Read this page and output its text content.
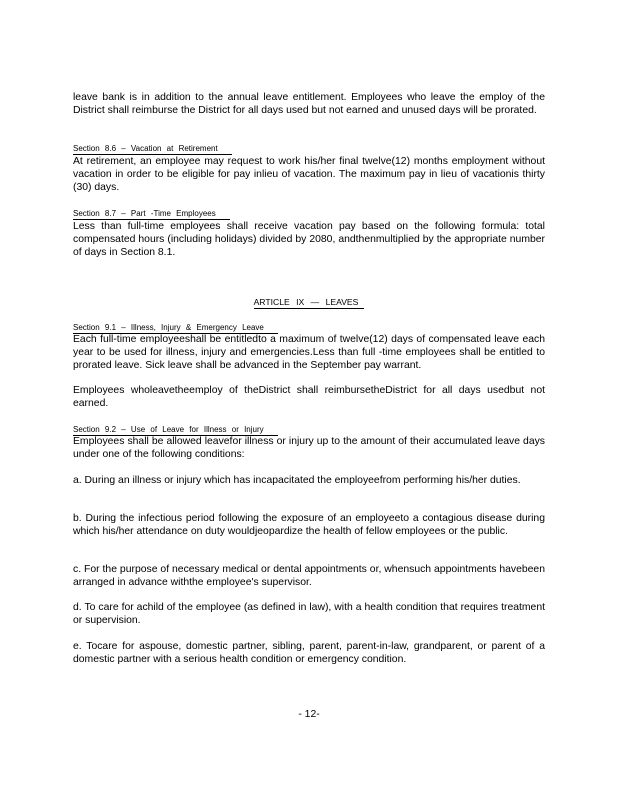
leave bank is in addition to the annual leave entitlement. Employees who leave the employ of the District shall reimburse the District for all days used but not earned and unused days will be prorated.

Section 8.6 – Vacation at Retirement

At retirement, an employee may request to work his/her final twelve(12) months employment without vacation in order to be eligible for pay inlieu of vacation. The maximum pay in lieu of vacationis thirty (30) days.

Section 8.7 – Part -Time Employees

Less than full-time employees shall receive vacation pay based on the following formula: total compensated hours (including holidays) divided by 2080, andthenmultiplied by the appropriate number of days in Section 8.1.

ARTICLE IX — LEAVES
Section 9.1 – Illness, Injury & Emergency Leave

Each full-time employeeshall be entitledto a maximum of twelve(12) days of compensated leave each year to be used for illness, injury and emergencies.Less than full -time employees shall be entitled to prorated leave. Sick leave shall be advanced in the September pay warrant.

Employees wholeavetheemploy of theDistrict shall reimbursetheDistrict for all days usedbut not earned.

Section 9.2 – Use of Leave for Illness or Injury

Employees shall be allowed leavefor illness or injury up to the amount of their accumulated leave days under one of the following conditions:

a. During an illness or injury which has incapacitated the employeefrom performing his/her duties.

b. During the infectious period following the exposure of an employeeto a contagious disease during which his/her attendance on duty wouldjeopardize the health of fellow employees or the public.

c. For the purpose of necessary medical or dental appointments or, whensuch appointments havebeen arranged in advance withthe employee's supervisor.

d. To care for achild of the employee (as defined in law), with a health condition that requires treatment or supervision.

e. Tocare for aspouse, domestic partner, sibling, parent, parent-in-law, grandparent, or parent of a domestic partner with a serious health condition or emergency condition.

- 12-
